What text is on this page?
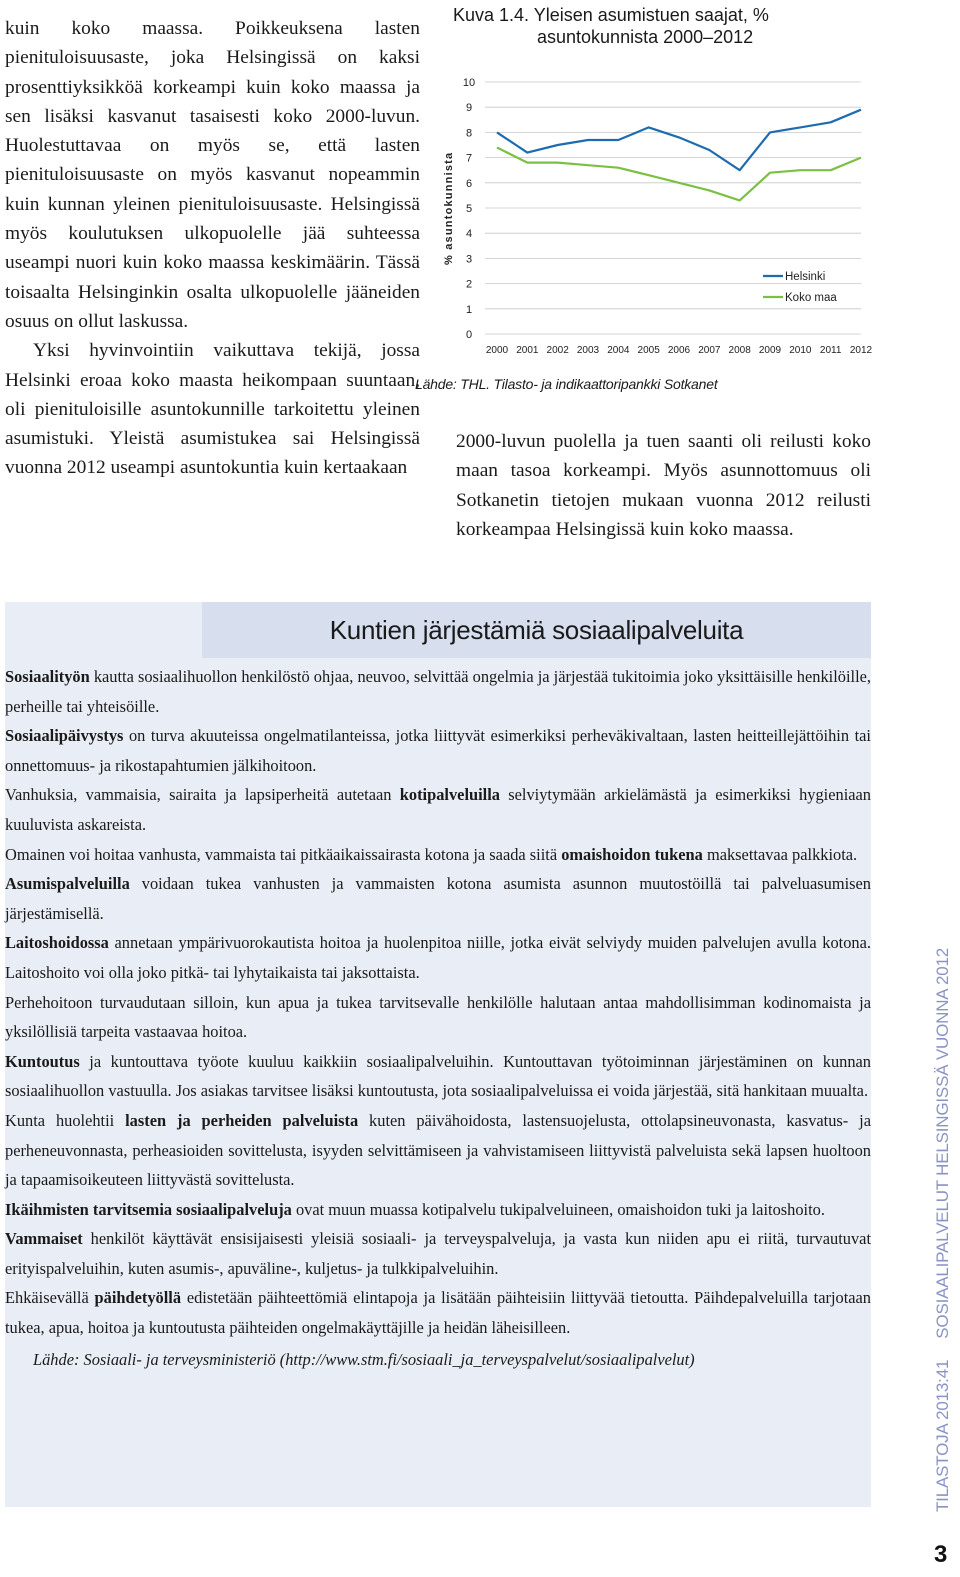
kuin koko maassa. Poikkeuksena lasten pienituloisuusaste, joka Helsingissä on kaksi prosenttiyksikköä korkeampi kuin koko maassa ja sen lisäksi kasvanut tasaisesti koko 2000-luvun. Huolestuttavaa on myös se, että lasten pienituloisuusaste on myös kasvanut nopeammin kuin kunnan yleinen pienituloisuusaste. Helsingissä myös koulutuksen ulkopuolelle jää suhteessa useampi nuori kuin koko maassa keskimäärin. Tässä toisaalta Helsinginkin osalta ulkopuolelle jääneiden osuus on ollut laskussa.

Yksi hyvinvointiin vaikuttava tekijä, jossa Helsinki eroaa koko maasta heikompaan suuntaan, oli pienituloisille asuntokunnille tarkoitettu yleinen asumistuki. Yleistä asumistukea sai Helsingissä vuonna 2012 useampi asuntokuntia kuin kertaakaan

Kuva 1.4. Yleisen asumistuen saajat, %
asuntokunnista 2000–2012
0
1
2
3
4
5
6
7
8
9
10
% asuntokunnista
2000 2001 2002 2003 2004 2005 2006 2007 2008 2009 2010 2011 2012
Helsinki
Koko maa
Lähde: THL. Tilasto- ja indikaattoripankki Sotkanet

2000-luvun puolella ja tuen saanti oli reilusti koko maan tasoa korkeampi. Myös asunnottomuus oli Sotkanetin tietojen mukaan vuonna 2012 reilusti korkeampaa Helsingissä kuin koko maassa.

Kuntien järjestämiä sosiaalipalveluita

Sosiaalityön kautta sosiaalihuollon henkilöstö ohjaa, neuvoo, selvittää ongelmia ja järjestää tukitoimia joko yksittäisille henkilöille, perheille tai yhteisöille.

Sosiaalipäivystys on turva akuuteissa ongelmatilanteissa, jotka liittyvät esimerkiksi perheväkivaltaan, lasten heitteillejättöihin tai onnettomuus- ja rikostapahtumien jälkihoitoon.

Vanhuksia, vammaisia, sairaita ja lapsiperheitä autetaan kotipalveluilla selviytymään arkielämästä ja esimerkiksi hygieniaan kuuluvista askareista.

Omainen voi hoitaa vanhusta, vammaista tai pitkäaikaissairasta kotona ja saada siitä omaishoidon tukena maksettavaa palkkiota.

Asumispalveluilla voidaan tukea vanhusten ja vammaisten kotona asumista asunnon muutostöillä tai palveluasumisen järjestämisellä.

Laitoshoidossa annetaan ympärivuorokautista hoitoa ja huolenpitoa niille, jotka eivät selviydy muiden palvelujen avulla kotona. Laitoshoito voi olla joko pitkä- tai lyhytaikaista tai jaksottaista.

Perhehoitoon turvaudutaan silloin, kun apua ja tukea tarvitsevalle henkilölle halutaan antaa mahdollisimman kodinomaista ja yksilöllisiä tarpeita vastaavaa hoitoa.

Kuntoutus ja kuntouttava työote kuuluu kaikkiin sosiaalipalveluihin. Kuntouttavan työtoiminnan järjestäminen on kunnan sosiaalihuollon vastuulla. Jos asiakas tarvitsee lisäksi kuntoutusta, jota sosiaalipalveluissa ei voida järjestää, sitä hankitaan muualta.

Kunta huolehtii lasten ja perheiden palveluista kuten päivähoidosta, lastensuojelusta, ottolapsineuvonasta, kasvatus- ja perheneuvonnasta, perheasioiden sovittelusta, isyyden selvittämiseen ja vahvistamiseen liittyvistä palveluista sekä lapsen huoltoon ja tapaamisoikeuteen liittyvästä sovittelusta.

Ikäihmisten tarvitsemia sosiaalipalveluja ovat muun muassa kotipalvelu tukipalveluineen, omaishoidon tuki ja laitoshoito.

Vammaiset henkilöt käyttävät ensisijaisesti yleisiä sosiaali- ja terveyspalveluja, ja vasta kun niiden apu ei riitä, turvautuvat erityispalveluihin, kuten asumis-, apuväline-, kuljetus- ja tulkkipalveluihin.

Ehkäisevällä päihdetyöllä edistetään päihteettömiä elintapoja ja lisätään päihteisiin liittyvää tietoutta. Päihdepalveluilla tarjotaan tukea, apua, hoitoa ja kuntoutusta päihteiden ongelmakäyttäjille ja heidän läheisilleen.

Lähde: Sosiaali- ja terveysministeriö (http://www.stm.fi/sosiaali_ja_terveyspalvelut/sosiaalipalvelut)

TILASTOJA 2013:41  SOSIAALIPALVELUT HELSINGISSÄ VUONNA 2012
3
